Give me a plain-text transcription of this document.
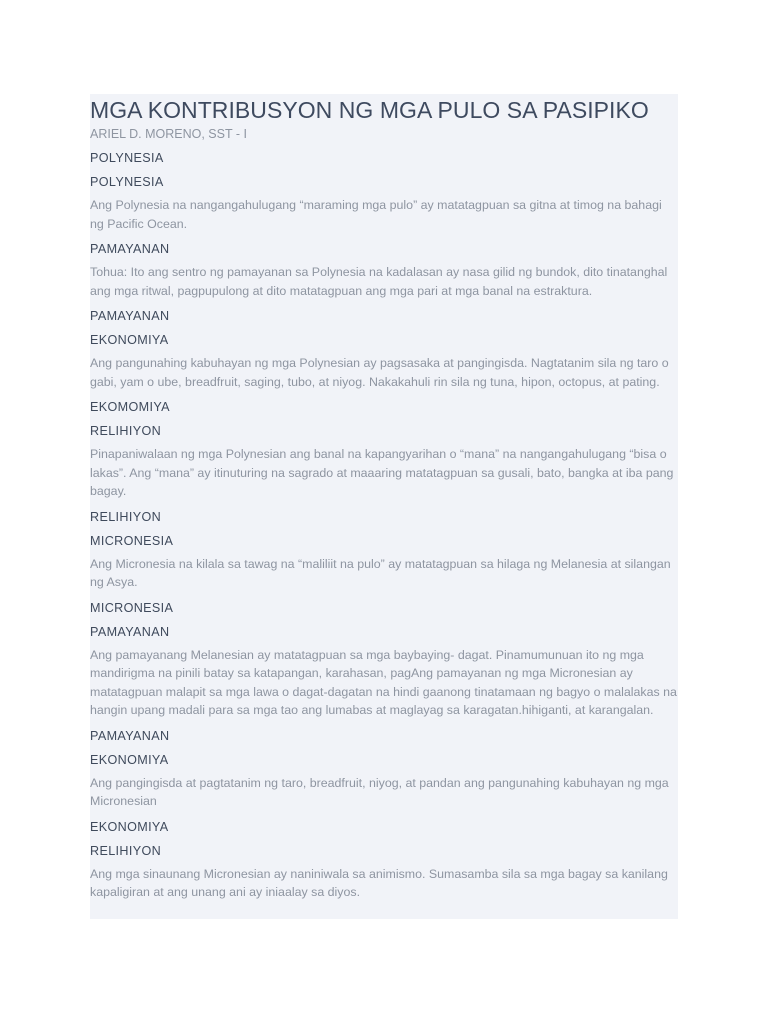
MGA KONTRIBUSYON NG MGA PULO SA PASIPIKO
ARIEL D. MORENO, SST - I

POLYNESIA

POLYNESIA

Ang Polynesia na nangangahulugang “maraming mga pulo” ay matatagpuan sa gitna at timog na bahagi ng Pacific Ocean.

PAMAYANAN

Tohua: Ito ang sentro ng pamayanan sa Polynesia na kadalasan ay nasa gilid ng bundok, dito tinatanghal ang mga ritwal, pagpupulong at dito matatagpuan ang mga pari at mga banal na estraktura.

PAMAYANAN

EKONOMIYA

Ang pangunahing kabuhayan ng mga Polynesian ay pagsasaka at pangingisda. Nagtatanim sila ng taro o gabi, yam o ube, breadfruit, saging, tubo, at niyog. Nakakahuli rin sila ng tuna, hipon, octopus, at pating.

EKOMOMIYA

RELIHIYON

Pinapaniwalaan ng mga Polynesian ang banal na kapangyarihan o “mana” na nangangahulugang “bisa o lakas”. Ang “mana” ay itinuturing na sagrado at maaaring matatagpuan sa gusali, bato, bangka at iba pang bagay.

RELIHIYON

MICRONESIA

Ang Micronesia na kilala sa tawag na “maliliit na pulo” ay matatagpuan sa hilaga ng Melanesia at silangan ng Asya.

MICRONESIA

PAMAYANAN

Ang pamayanang Melanesian ay matatagpuan sa mga baybaying- dagat. Pinamumunuan ito ng mga mandirigma na pinili batay sa katapangan, karahasan, pagAng pamayanan ng mga Micronesian ay matatagpuan malapit sa mga lawa o dagat-dagatan na hindi gaanong tinatamaan ng bagyo o malalakas na hangin upang madali para sa mga tao ang lumabas at maglayag sa karagatan.hihiganti, at karangalan.

PAMAYANAN

EKONOMIYA

Ang pangingisda at pagtatanim ng taro, breadfruit, niyog, at pandan ang pangunahing kabuhayan ng mga Micronesian

EKONOMIYA

RELIHIYON

Ang mga sinaunang Micronesian ay naniniwala sa animismo. Sumasamba sila sa mga bagay sa kanilang kapaligiran at ang unang ani ay iniaalay sa diyos.
